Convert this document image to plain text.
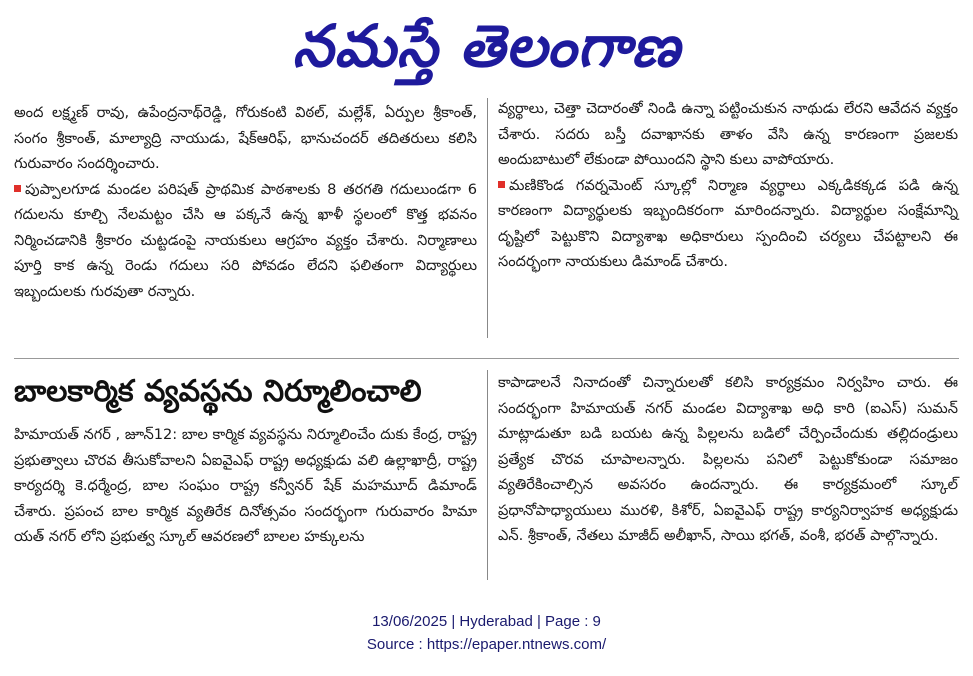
నమస్తే తెలంగాణ

అంద లక్ష్మణ్ రావు, ఉపేంద్రనాథ్‌రెడ్డి, గోరుకంటి విఠల్, మల్లేశ్, ఏర్పుల శ్రీకాంత్, సంగం శ్రీకాంత్, మాల్యాద్రి నాయుడు, షేక్‌ఆరిఫ్, భానుచందర్ తదితరులు కలిసి గురువారం సందర్శించారు.

పుప్పాలగూడ మండల పరిషత్ ప్రాథమిక పాఠశాలకు 8 తరగతి గదులుండగా 6 గదులను కూల్చి నేలమట్టం చేసి ఆ పక్కనే ఉన్న ఖాళీ స్థలంలో కొత్త భవనం నిర్మించడానికి శ్రీకారం చుట్టడంపై నాయకులు ఆగ్రహం వ్యక్తం చేశారు. నిర్మాణాలు పూర్తి కాక ఉన్న రెండు గదులు సరి పోవడం లేదని ఫలితంగా విద్యార్థులు ఇబ్బందులకు గురవుతా రన్నారు.

వ్యర్థాలు, చెత్తా చెదారంతో నిండి ఉన్నా పట్టించుకున నాథుడు లేరని ఆవేదన వ్యక్తం చేశారు. సదరు బస్తీ దవాఖానకు తాళం వేసి ఉన్న కారణంగా ప్రజలకు అందుబాటులో లేకుండా పోయిందని స్థాని కులు వాపోయారు.

మణికొండ గవర్నమెంట్ స్కూల్లో నిర్మాణ వ్యర్థాలు ఎక్కడికక్కడ పడి ఉన్న కారణంగా విద్యార్థులకు ఇబ్బందికరంగా మారిందన్నారు. విద్యార్థుల సంక్షేమాన్ని దృష్టిలో పెట్టుకొని విద్యాశాఖ అధికారులు స్పందించి చర్యలు చేపట్టాలని ఈ సందర్భంగా నాయకులు డిమాండ్ చేశారు.

బాలకార్మిక వ్యవస్థను నిర్మూలించాలి

హిమాయత్ నగర్ , జూన్12: బాల కార్మిక వ్యవస్థను నిర్మూలించేం దుకు కేంద్ర, రాష్ట్ర ప్రభుత్వాలు చొరవ తీసుకోవాలని ఏఐవైఎఫ్ రాష్ట్ర అధ్యక్షుడు వలి ఉల్లాఖాద్రీ, రాష్ట్ర కార్యదర్శి కె.ధర్మేంద్ర, బాల సంఘం రాష్ట్ర కన్వీనర్ షేక్ మహమూద్ డిమాండ్ చేశారు. ప్రపంచ బాల కార్మిక వ్యతిరేక దినోత్సవం సందర్భంగా గురువారం హిమా యత్ నగర్ లోని ప్రభుత్వ స్కూల్ ఆవరణలో బాలల హక్కులను

కాపాడాలనే నినాదంతో చిన్నారులతో కలిసి కార్యక్రమం నిర్వహిం చారు. ఈ సందర్భంగా హిమాయత్ నగర్ మండల విద్యాశాఖ అధి కారి (ఐఎస్) సుమన్ మాట్లాడుతూ బడి బయట ఉన్న పిల్లలను బడిలో చేర్పించేందుకు తల్లిదండ్రులు ప్రత్యేక చొరవ చూపాలన్నారు. పిల్లలను పనిలో పెట్టుకోకుండా సమాజం వ్యతిరేకించాల్సిన అవసరం ఉందన్నారు. ఈ కార్యక్రమంలో స్కూల్ ప్రధానోపాధ్యాయులు మురళి, కిశోర్, ఏఐవైఎఫ్ రాష్ట్ర కార్యనిర్వాహక అధ్యక్షుడు ఎన్. శ్రీకాంత్, నేతలు మాజీద్ అలీఖాన్, సాయి భగత్, వంశీ, భరత్ పాల్గొన్నారు.

13/06/2025 | Hyderabad | Page : 9
Source : https://epaper.ntnews.com/
